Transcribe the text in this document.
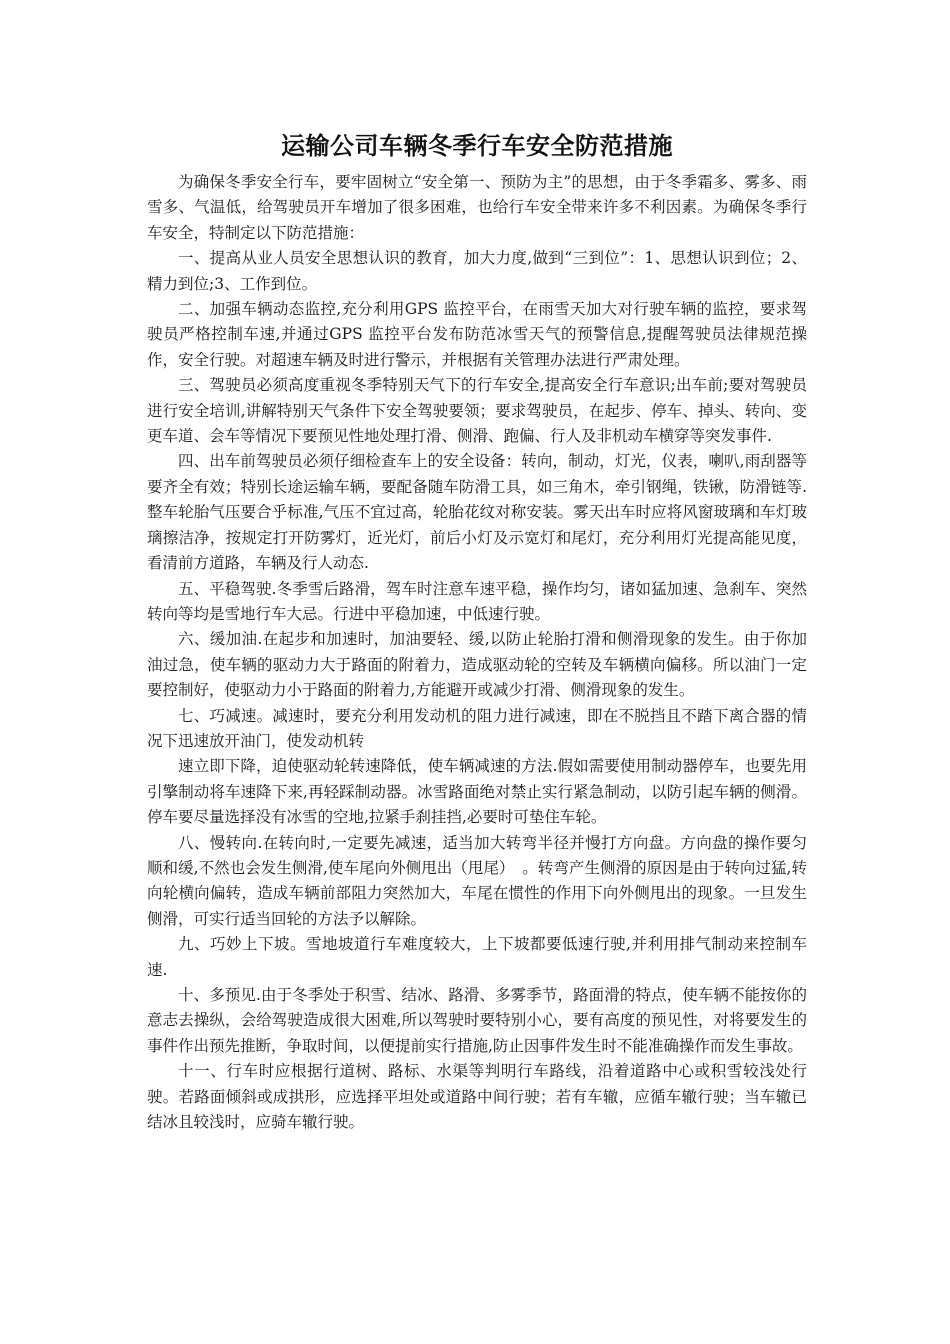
运输公司车辆冬季行车安全防范措施

为确保冬季安全行车，要牢固树立“安全第一、预防为主”的思想，由于冬季霜多、雾多、雨雪多、气温低，给驾驶员开车增加了很多困难，也给行车安全带来许多不利因素。为确保冬季行车安全，特制定以下防范措施：

一、提高从业人员安全思想认识的教育，加大力度,做到“三到位”：1、思想认识到位；2、精力到位;3、工作到位。

二、加强车辆动态监控,充分利用GPS 监控平台，在雨雪天加大对行驶车辆的监控，要求驾驶员严格控制车速,并通过GPS 监控平台发布防范冰雪天气的预警信息,提醒驾驶员法律规范操作，安全行驶。对超速车辆及时进行警示，并根据有关管理办法进行严肃处理。

三、驾驶员必须高度重视冬季特别天气下的行车安全,提高安全行车意识;出车前;要对驾驶员进行安全培训,讲解特别天气条件下安全驾驶要领；要求驾驶员，在起步、停车、掉头、转向、变更车道、会车等情况下要预见性地处理打滑、侧滑、跑偏、行人及非机动车横穿等突发事件.

四、出车前驾驶员必须仔细检查车上的安全设备：转向，制动，灯光，仪表，喇叭,雨刮器等要齐全有效；特别长途运输车辆，要配备随车防滑工具，如三角木，牵引钢绳，铁锹，防滑链等.整车轮胎气压要合乎标准,气压不宜过高，轮胎花纹对称安装。雾天出车时应将风窗玻璃和车灯玻璃擦洁净，按规定打开防雾灯，近光灯，前后小灯及示宽灯和尾灯，充分利用灯光提高能见度，看清前方道路，车辆及行人动态.

五、平稳驾驶.冬季雪后路滑，驾车时注意车速平稳，操作均匀，诸如猛加速、急刹车、突然转向等均是雪地行车大忌。行进中平稳加速，中低速行驶。

六、缓加油.在起步和加速时，加油要轻、缓,以防止轮胎打滑和侧滑现象的发生。由于你加油过急，使车辆的驱动力大于路面的附着力，造成驱动轮的空转及车辆横向偏移。所以油门一定要控制好，使驱动力小于路面的附着力,方能避开或减少打滑、侧滑现象的发生。

七、巧减速。减速时，要充分利用发动机的阻力进行减速，即在不脱挡且不踏下离合器的情况下迅速放开油门，使发动机转

速立即下降，迫使驱动轮转速降低，使车辆减速的方法.假如需要使用制动器停车，也要先用引擎制动将车速降下来,再轻踩制动器。冰雪路面绝对禁止实行紧急制动，以防引起车辆的侧滑。停车要尽量选择没有冰雪的空地,拉紧手刹挂挡,必要时可垫住车轮。

八、慢转向.在转向时,一定要先减速，适当加大转弯半径并慢打方向盘。方向盘的操作要匀顺和缓,不然也会发生侧滑,使车尾向外侧甩出（甩尾）　。转弯产生侧滑的原因是由于转向过猛,转向轮横向偏转，造成车辆前部阻力突然加大，车尾在惯性的作用下向外侧甩出的现象。一旦发生侧滑，可实行适当回轮的方法予以解除。

九、巧妙上下坡。雪地坡道行车难度较大，上下坡都要低速行驶,并利用排气制动来控制车速.

十、多预见.由于冬季处于积雪、结冰、路滑、多雾季节，路面滑的特点，使车辆不能按你的意志去操纵，会给驾驶造成很大困难,所以驾驶时要特别小心，要有高度的预见性，对将要发生的事件作出预先推断，争取时间，以便提前实行措施,防止因事件发生时不能准确操作而发生事故。

十一、行车时应根据行道树、路标、水渠等判明行车路线，沿着道路中心或积雪较浅处行驶。若路面倾斜或成拱形，应选择平坦处或道路中间行驶；若有车辙，应循车辙行驶；当车辙已结冰且较浅时，应骑车辙行驶。
